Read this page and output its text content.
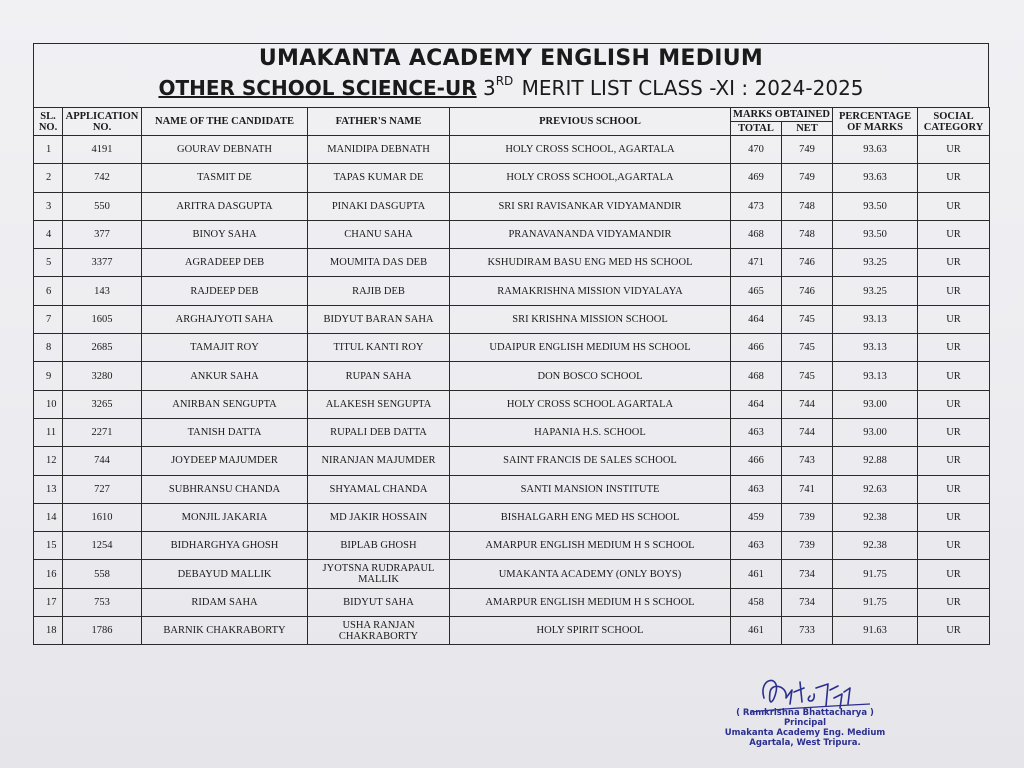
UMAKANTA ACADEMY ENGLISH MEDIUM
OTHER SCHOOL SCIENCE-UR 3RD MERIT LIST CLASS -XI : 2024-2025
SL. NO.	APPLICATION NO.	NAME OF THE CANDIDATE	FATHER'S NAME	PREVIOUS SCHOOL	MARKS OBTAINED		PERCENTAGE OF MARKS	SOCIAL CATEGORY
					TOTAL	NET		
1	4191	GOURAV DEBNATH	MANIDIPA DEBNATH	HOLY CROSS SCHOOL, AGARTALA	470	749	93.63	UR
2	742	TASMIT DE	TAPAS KUMAR DE	HOLY CROSS SCHOOL,AGARTALA	469	749	93.63	UR
3	550	ARITRA DASGUPTA	PINAKI DASGUPTA	SRI SRI RAVISANKAR VIDYAMANDIR	473	748	93.50	UR
4	377	BINOY SAHA	CHANU SAHA	PRANAVANANDA VIDYAMANDIR	468	748	93.50	UR
5	3377	AGRADEEP DEB	MOUMITA DAS DEB	KSHUDIRAM BASU ENG MED HS SCHOOL	471	746	93.25	UR
6	143	RAJDEEP DEB	RAJIB DEB	RAMAKRISHNA MISSION VIDYALAYA	465	746	93.25	UR
7	1605	ARGHAJYOTI SAHA	BIDYUT BARAN SAHA	SRI KRISHNA MISSION SCHOOL	464	745	93.13	UR
8	2685	TAMAJIT ROY	TITUL KANTI ROY	UDAIPUR ENGLISH MEDIUM HS SCHOOL	466	745	93.13	UR
9	3280	ANKUR SAHA	RUPAN SAHA	DON BOSCO SCHOOL	468	745	93.13	UR
10	3265	ANIRBAN SENGUPTA	ALAKESH SENGUPTA	HOLY CROSS SCHOOL AGARTALA	464	744	93.00	UR
11	2271	TANISH DATTA	RUPALI DEB DATTA	HAPANIA H.S. SCHOOL	463	744	93.00	UR
12	744	JOYDEEP MAJUMDER	NIRANJAN MAJUMDER	SAINT FRANCIS DE SALES SCHOOL	466	743	92.88	UR
13	727	SUBHRANSU CHANDA	SHYAMAL CHANDA	SANTI MANSION INSTITUTE	463	741	92.63	UR
14	1610	MONJIL JAKARIA	MD JAKIR HOSSAIN	BISHALGARH ENG MED HS SCHOOL	459	739	92.38	UR
15	1254	BIDHARGHYA GHOSH	BIPLAB GHOSH	AMARPUR ENGLISH MEDIUM H S SCHOOL	463	739	92.38	UR
16	558	DEBAYUD MALLIK	JYOTSNA RUDRAPAUL MALLIK	UMAKANTA ACADEMY (ONLY BOYS)	461	734	91.75	UR
17	753	RIDAM SAHA	BIDYUT SAHA	AMARPUR ENGLISH MEDIUM H S SCHOOL	458	734	91.75	UR
18	1786	BARNIK CHAKRABORTY	USHA RANJAN CHAKRABORTY	HOLY SPIRIT SCHOOL	461	733	91.63	UR
( Ramkrishna Bhattacharya )
Principal
Umakanta Academy Eng. Medium
Agartala, West Tripura.
